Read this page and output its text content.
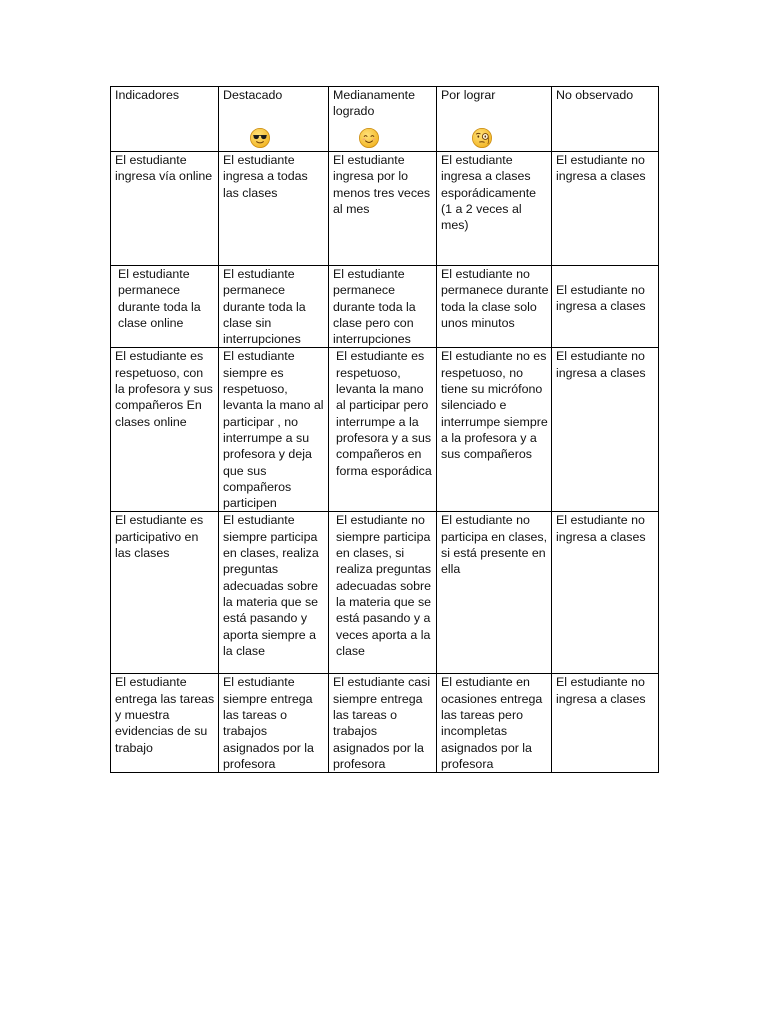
Indicadores	Destacado	Medianamente logrado	Por lograr	No observado

El estudiante ingresa vía online	El estudiante ingresa a todas las clases	El estudiante ingresa por lo menos tres veces al mes	El estudiante ingresa a clases esporádicamente (1 a 2 veces al mes)	El estudiante no ingresa a clases

El estudiante permanece durante toda la clase online	El estudiante permanece durante toda la clase sin interrupciones	El estudiante permanece durante toda la clase pero con interrupciones	El estudiante no permanece durante toda la clase solo unos minutos	El estudiante no ingresa a clases

El estudiante es respetuoso, con la profesora y sus compañeros En clases online	El estudiante siempre es respetuoso, levanta la mano al participar , no interrumpe a su profesora y deja que sus compañeros participen	El estudiante es respetuoso, levanta la mano al participar pero interrumpe a la profesora y a sus compañeros en forma esporádica	El estudiante no es respetuoso, no tiene su micrófono silenciado e interrumpe siempre a la profesora y a sus compañeros	El estudiante no ingresa a clases

El estudiante es participativo en las clases	El estudiante siempre participa en clases, realiza preguntas adecuadas sobre la materia que se está pasando y aporta siempre a la clase	El estudiante no siempre participa en clases, si realiza preguntas adecuadas sobre la materia que se está pasando y a veces aporta a la clase	El estudiante no participa en clases, si está presente en ella	El estudiante no ingresa a clases

El estudiante entrega las tareas y muestra evidencias de su trabajo	El estudiante siempre entrega las tareas o trabajos asignados por la profesora	El estudiante casi siempre entrega las tareas o trabajos asignados por la profesora	El estudiante en ocasiones entrega las tareas pero incompletas asignados por la profesora	El estudiante no ingresa a clases
